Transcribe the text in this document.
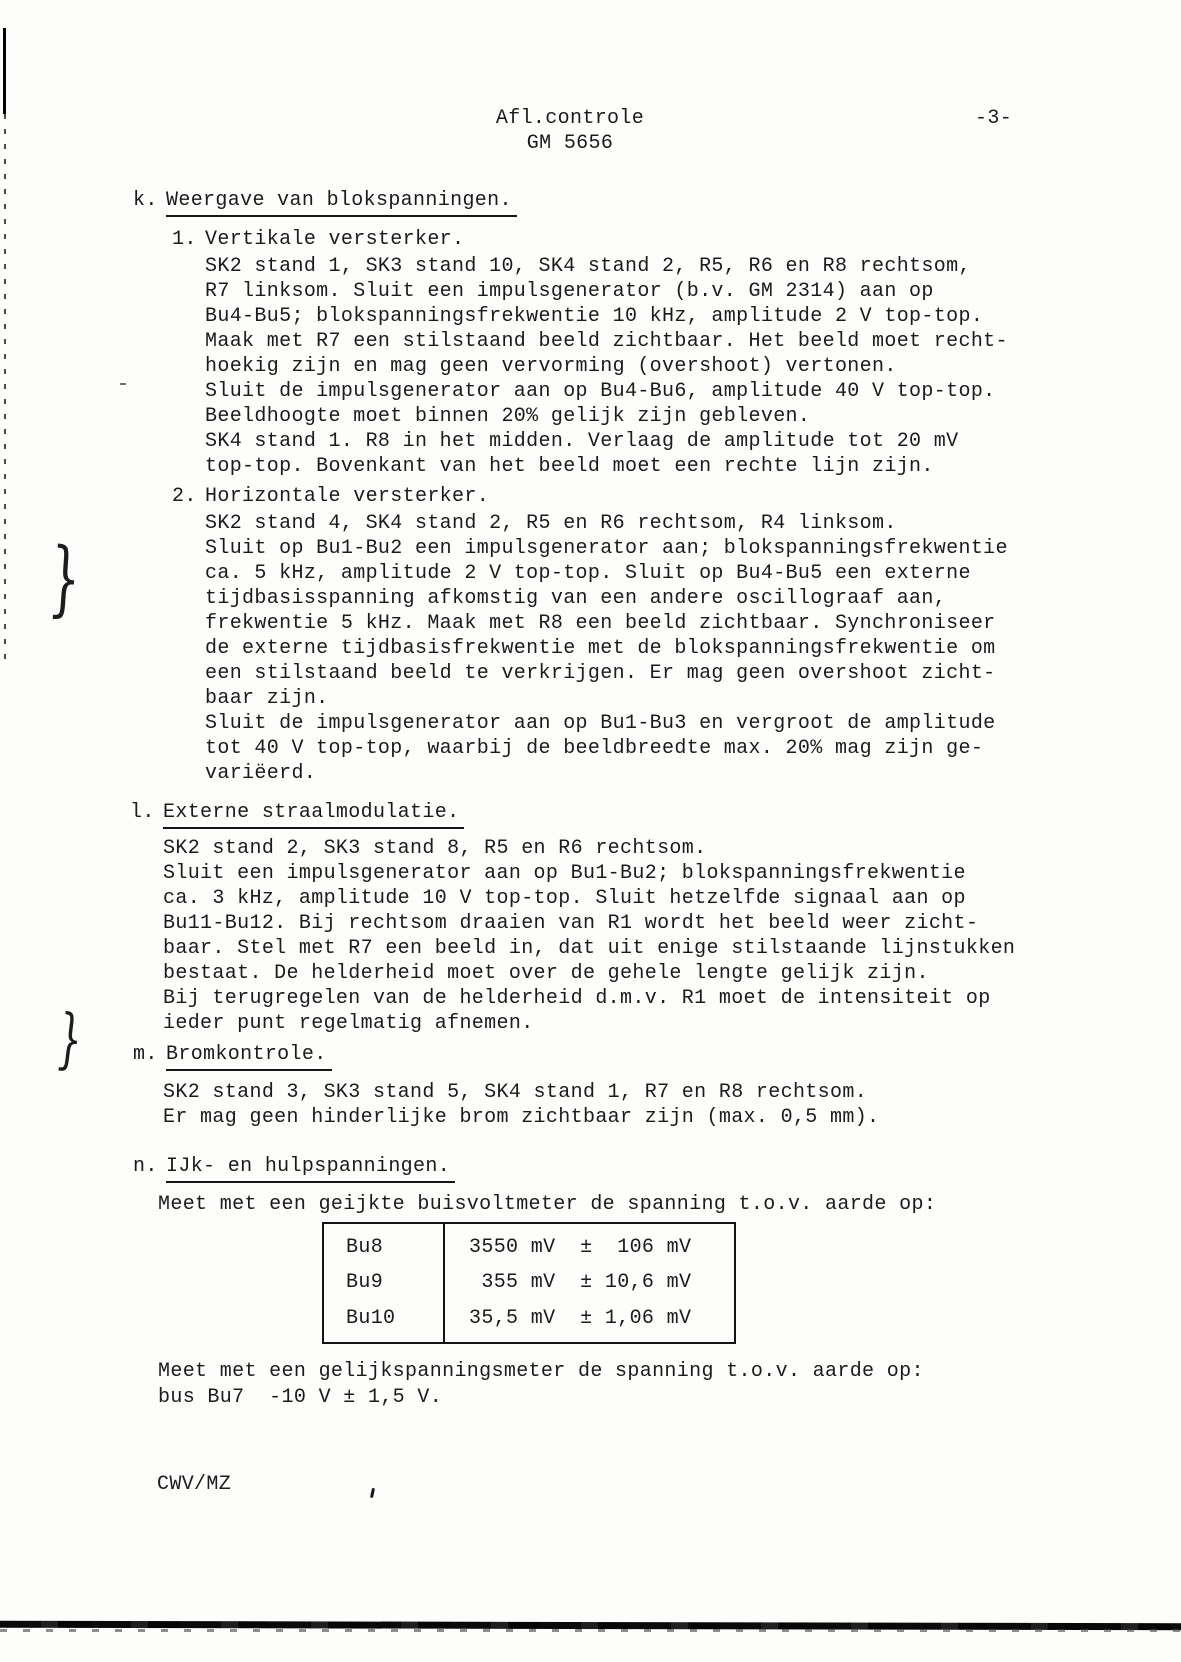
}
}
Afl.controle
GM 5656
-3-
k. Weergave van blokspanningen.
1. Vertikale versterker.
SK2 stand 1, SK3 stand 10, SK4 stand 2, R5, R6 en R8 rechtsom,
R7 linksom. Sluit een impulsgenerator (b.v. GM 2314) aan op
Bu4-Bu5; blokspanningsfrekwentie 10 kHz, amplitude 2 V top-top.
Maak met R7 een stilstaand beeld zichtbaar. Het beeld moet recht-
hoekig zijn en mag geen vervorming (overshoot) vertonen.
Sluit de impulsgenerator aan op Bu4-Bu6, amplitude 40 V top-top.
Beeldhoogte moet binnen 20% gelijk zijn gebleven.
SK4 stand 1. R8 in het midden. Verlaag de amplitude tot 20 mV
top-top. Bovenkant van het beeld moet een rechte lijn zijn.
2. Horizontale versterker.
SK2 stand 4, SK4 stand 2, R5 en R6 rechtsom, R4 linksom.
Sluit op Bu1-Bu2 een impulsgenerator aan; blokspanningsfrekwentie
ca. 5 kHz, amplitude 2 V top-top. Sluit op Bu4-Bu5 een externe
tijdbasisspanning afkomstig van een andere oscillograaf aan,
frekwentie 5 kHz. Maak met R8 een beeld zichtbaar. Synchroniseer
de externe tijdbasisfrekwentie met de blokspanningsfrekwentie om
een stilstaand beeld te verkrijgen. Er mag geen overshoot zicht-
baar zijn.
Sluit de impulsgenerator aan op Bu1-Bu3 en vergroot de amplitude
tot 40 V top-top, waarbij de beeldbreedte max. 20% mag zijn ge-
variëerd.
l. Externe straalmodulatie.
SK2 stand 2, SK3 stand 8, R5 en R6 rechtsom.
Sluit een impulsgenerator aan op Bu1-Bu2; blokspanningsfrekwentie
ca. 3 kHz, amplitude 10 V top-top. Sluit hetzelfde signaal aan op
Bu11-Bu12. Bij rechtsom draaien van R1 wordt het beeld weer zicht-
baar. Stel met R7 een beeld in, dat uit enige stilstaande lijnstukken
bestaat. De helderheid moet over de gehele lengte gelijk zijn.
Bij terugregelen van de helderheid d.m.v. R1 moet de intensiteit op
ieder punt regelmatig afnemen.
m. Bromkontrole.
SK2 stand 3, SK3 stand 5, SK4 stand 1, R7 en R8 rechtsom.
Er mag geen hinderlijke brom zichtbaar zijn (max. 0,5 mm).
n. IJk- en hulpspanningen.
Meet met een geijkte buisvoltmeter de spanning t.o.v. aarde op:
Bu8
Bu9
Bu10
3550 mV  ±  106 mV
355 mV  ± 10,6 mV
35,5 mV  ± 1,06 mV
Meet met een gelijkspanningsmeter de spanning t.o.v. aarde op:
bus Bu7  -10 V ± 1,5 V.
CWV/MZ
